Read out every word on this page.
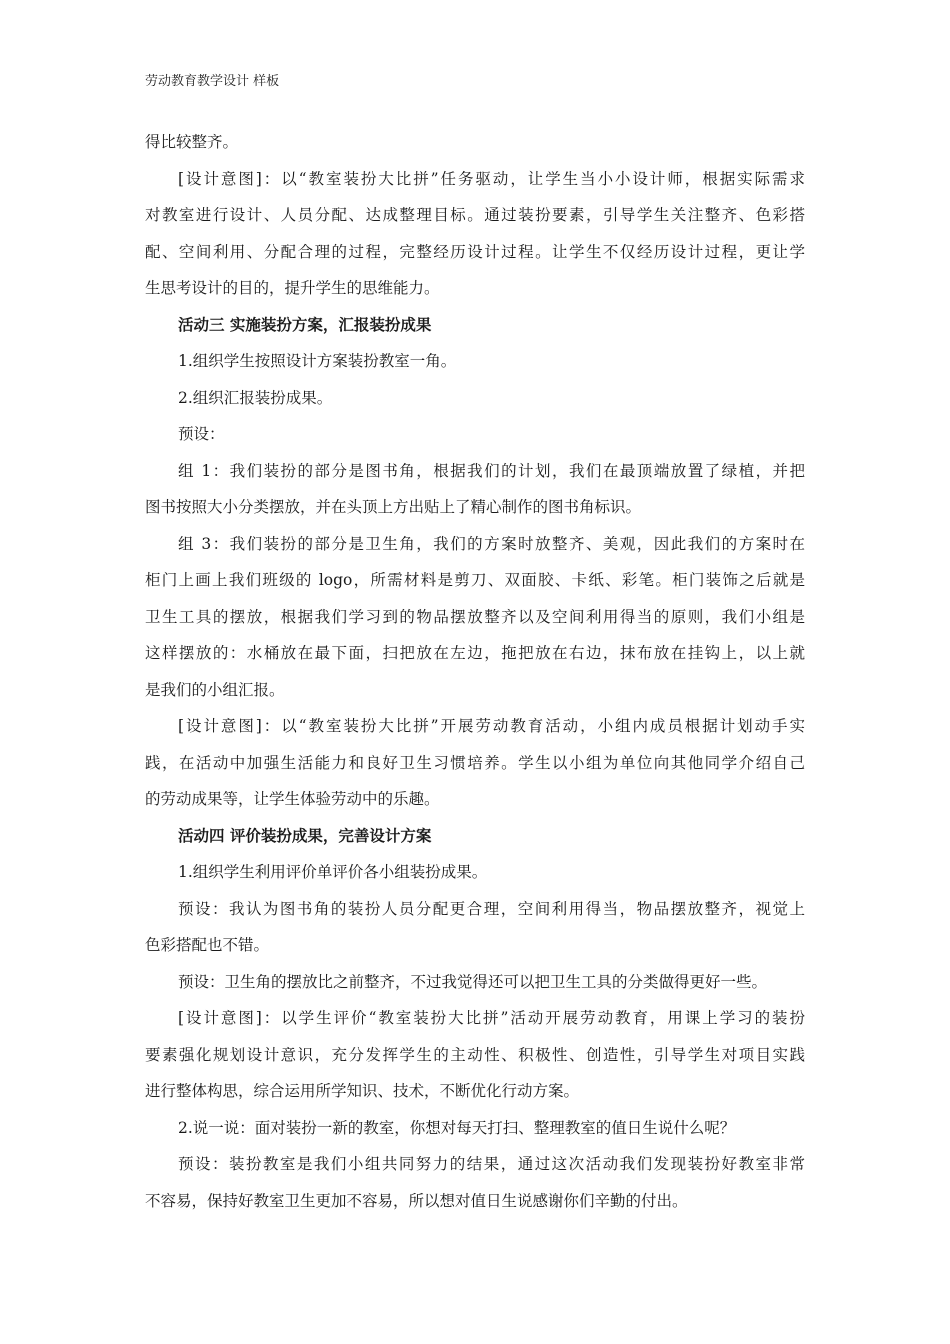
劳动教育教学设计 样板
得比较整齐。
[设计意图]：以“教室装扮大比拼”任务驱动，让学生当小小设计师，根据实际需求
对教室进行设计、人员分配、达成整理目标。通过装扮要素，引导学生关注整齐、色彩搭
配、空间利用、分配合理的过程，完整经历设计过程。让学生不仅经历设计过程，更让学
生思考设计的目的，提升学生的思维能力。
活动三 实施装扮方案，汇报装扮成果
1.组织学生按照设计方案装扮教室一角。
2.组织汇报装扮成果。
预设：
组 1：我们装扮的部分是图书角，根据我们的计划，我们在最顶端放置了绿植，并把
图书按照大小分类摆放，并在头顶上方出贴上了精心制作的图书角标识。
组 3：我们装扮的部分是卫生角，我们的方案时放整齐、美观，因此我们的方案时在
柜门上画上我们班级的 logo，所需材料是剪刀、双面胶、卡纸、彩笔。柜门装饰之后就是
卫生工具的摆放，根据我们学习到的物品摆放整齐以及空间利用得当的原则，我们小组是
这样摆放的：水桶放在最下面，扫把放在左边，拖把放在右边，抹布放在挂钩上，以上就
是我们的小组汇报。
[设计意图]：以“教室装扮大比拼”开展劳动教育活动，小组内成员根据计划动手实
践，在活动中加强生活能力和良好卫生习惯培养。学生以小组为单位向其他同学介绍自己
的劳动成果等，让学生体验劳动中的乐趣。
活动四 评价装扮成果，完善设计方案
1.组织学生利用评价单评价各小组装扮成果。
预设：我认为图书角的装扮人员分配更合理，空间利用得当，物品摆放整齐，视觉上
色彩搭配也不错。
预设：卫生角的摆放比之前整齐，不过我觉得还可以把卫生工具的分类做得更好一些。
[设计意图]：以学生评价“教室装扮大比拼”活动开展劳动教育，用课上学习的装扮
要素强化规划设计意识，充分发挥学生的主动性、积极性、创造性，引导学生对项目实践
进行整体构思，综合运用所学知识、技术，不断优化行动方案。
2.说一说：面对装扮一新的教室，你想对每天打扫、整理教室的值日生说什么呢？
预设：装扮教室是我们小组共同努力的结果，通过这次活动我们发现装扮好教室非常
不容易，保持好教室卫生更加不容易，所以想对值日生说感谢你们辛勤的付出。
